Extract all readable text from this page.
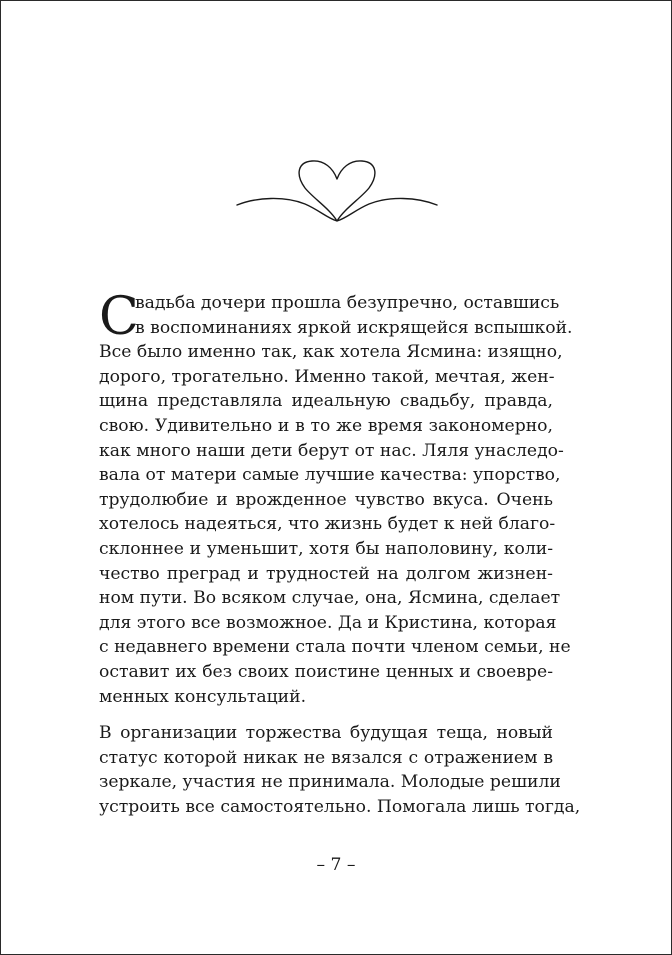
С
вадьба дочери прошла безупречно, оставшись
в воспоминаниях яркой искрящейся вспышкой.
Все было именно так, как хотела Ясмина: изящно,
дорого, трогательно. Именно такой, мечтая, жен-
щина представляла идеальную свадьбу, правда,
свою. Удивительно и в то же время закономерно,
как много наши дети берут от нас. Ляля унаследо-
вала от матери самые лучшие качества: упорство,
трудолюбие и врожденное чувство вкуса. Очень
хотелось надеяться, что жизнь будет к ней благо-
склоннее и уменьшит, хотя бы наполовину, коли-
чество преград и трудностей на долгом жизнен-
ном пути. Во всяком случае, она, Ясмина, сделает
для этого все возможное. Да и Кристина, которая
с недавнего времени стала почти членом семьи, не
оставит их без своих поистине ценных и своевре-
менных консультаций.
В организации торжества будущая теща, новый
статус которой никак не вязался с отражением в
зеркале, участия не принимала. Молодые решили
устроить все самостоятельно. Помогала лишь тогда,
– 7 –
